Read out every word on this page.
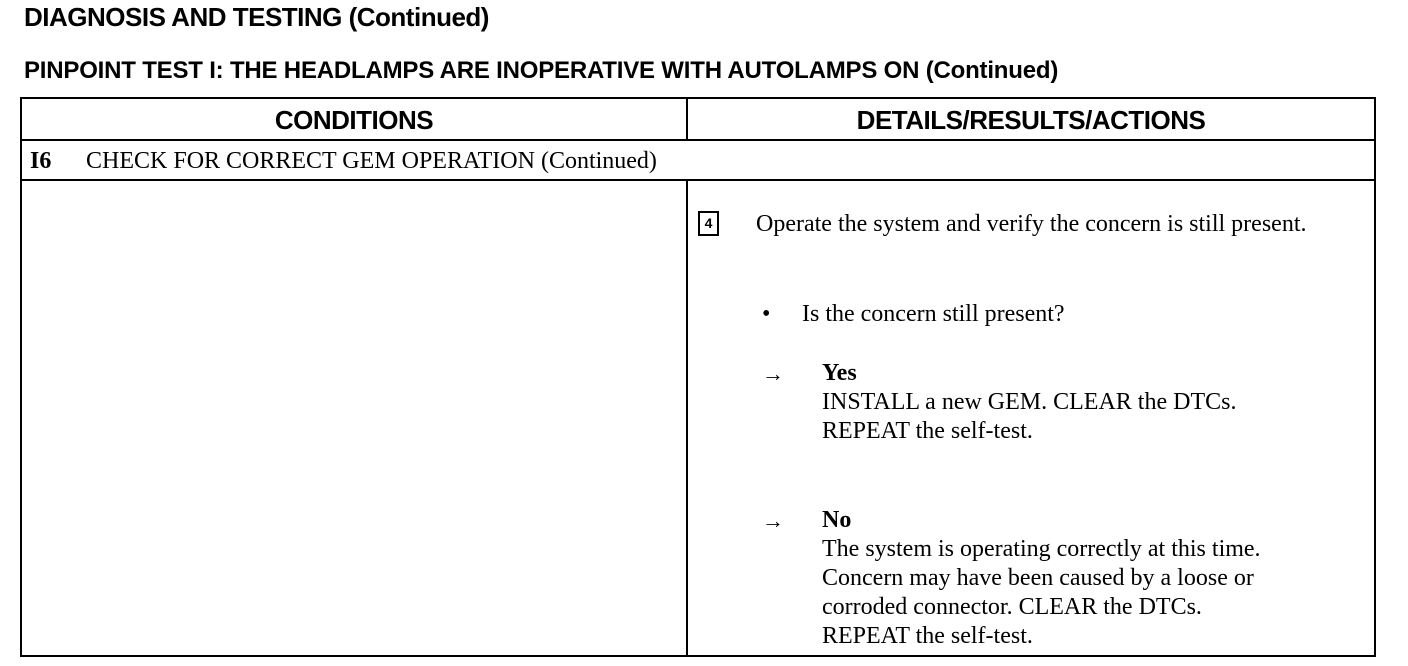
DIAGNOSIS AND TESTING (Continued)
PINPOINT TEST I: THE HEADLAMPS ARE INOPERATIVE WITH AUTOLAMPS ON (Continued)
CONDITIONS	DETAILS/RESULTS/ACTIONS
I6 CHECK FOR CORRECT GEM OPERATION (Continued)
4 Operate the system and verify the concern is still present.
• Is the concern still present?
→ Yes
INSTALL a new GEM. CLEAR the DTCs.
REPEAT the self-test.
→ No
The system is operating correctly at this time.
Concern may have been caused by a loose or
corroded connector. CLEAR the DTCs.
REPEAT the self-test.
